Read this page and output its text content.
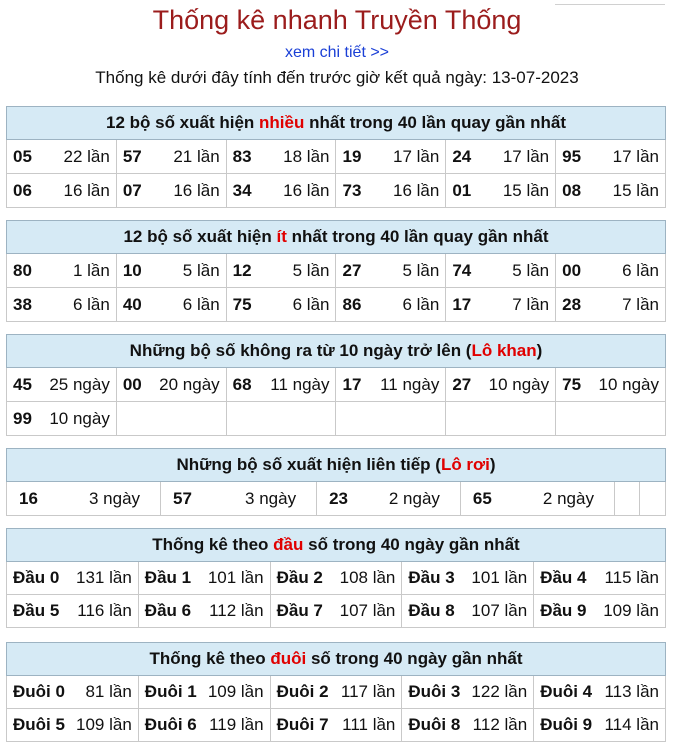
Thống kê nhanh Truyền Thống
xem chi tiết >>
Thống kê dưới đây tính đến trước giờ kết quả ngày: 13-07-2023
12 bộ số xuất hiện nhiều nhất trong 40 lần quay gần nhất					

05 22 lần	57 21 lần	83 18 lần	19 17 lần	24 17 lần	95 17 lần

06 16 lần	07 16 lần	34 16 lần	73 16 lần	01 15 lần	08 15 lần
12 bộ số xuất hiện ít nhất trong 40 lần quay gần nhất					

80 1 lần	10 5 lần	12 5 lần	27 5 lần	74 5 lần	00 6 lần

38 6 lần	40 6 lần	75 6 lần	86 6 lần	17 7 lần	28 7 lần
Những bộ số không ra từ 10 ngày trở lên (Lô khan)					

45 25 ngày	00 20 ngày	68 11 ngày	17 11 ngày	27 10 ngày	75 10 ngày

99 10 ngày					

Những bộ số xuất hiện liên tiếp (Lô rơi)

16	3 ngày	57	3 ngày	23 2 ngày	65	2 ngày

Thống kê theo đầu số trong 40 ngày gần nhất				

Đầu 0 131 lần	Đầu 1 101 lần	Đầu 2 108 lần	Đầu 3 101 lần	Đầu 4 115 lần

Đầu 5 116 lần	Đầu 6 112 lần	Đầu 7 107 lần	Đầu 8 107 lần	Đầu 9 109 lần
Thống kê theo đuôi số trong 40 ngày gần nhất				

Đuôi 0 81 lần	Đuôi 1 109 lần	Đuôi 2 117 lần	Đuôi 3 122 lần	Đuôi 4 113 lần

Đuôi 5 109 lần	Đuôi 6 119 lần	Đuôi 7 111 lần	Đuôi 8 112 lần	Đuôi 9 114 lần
